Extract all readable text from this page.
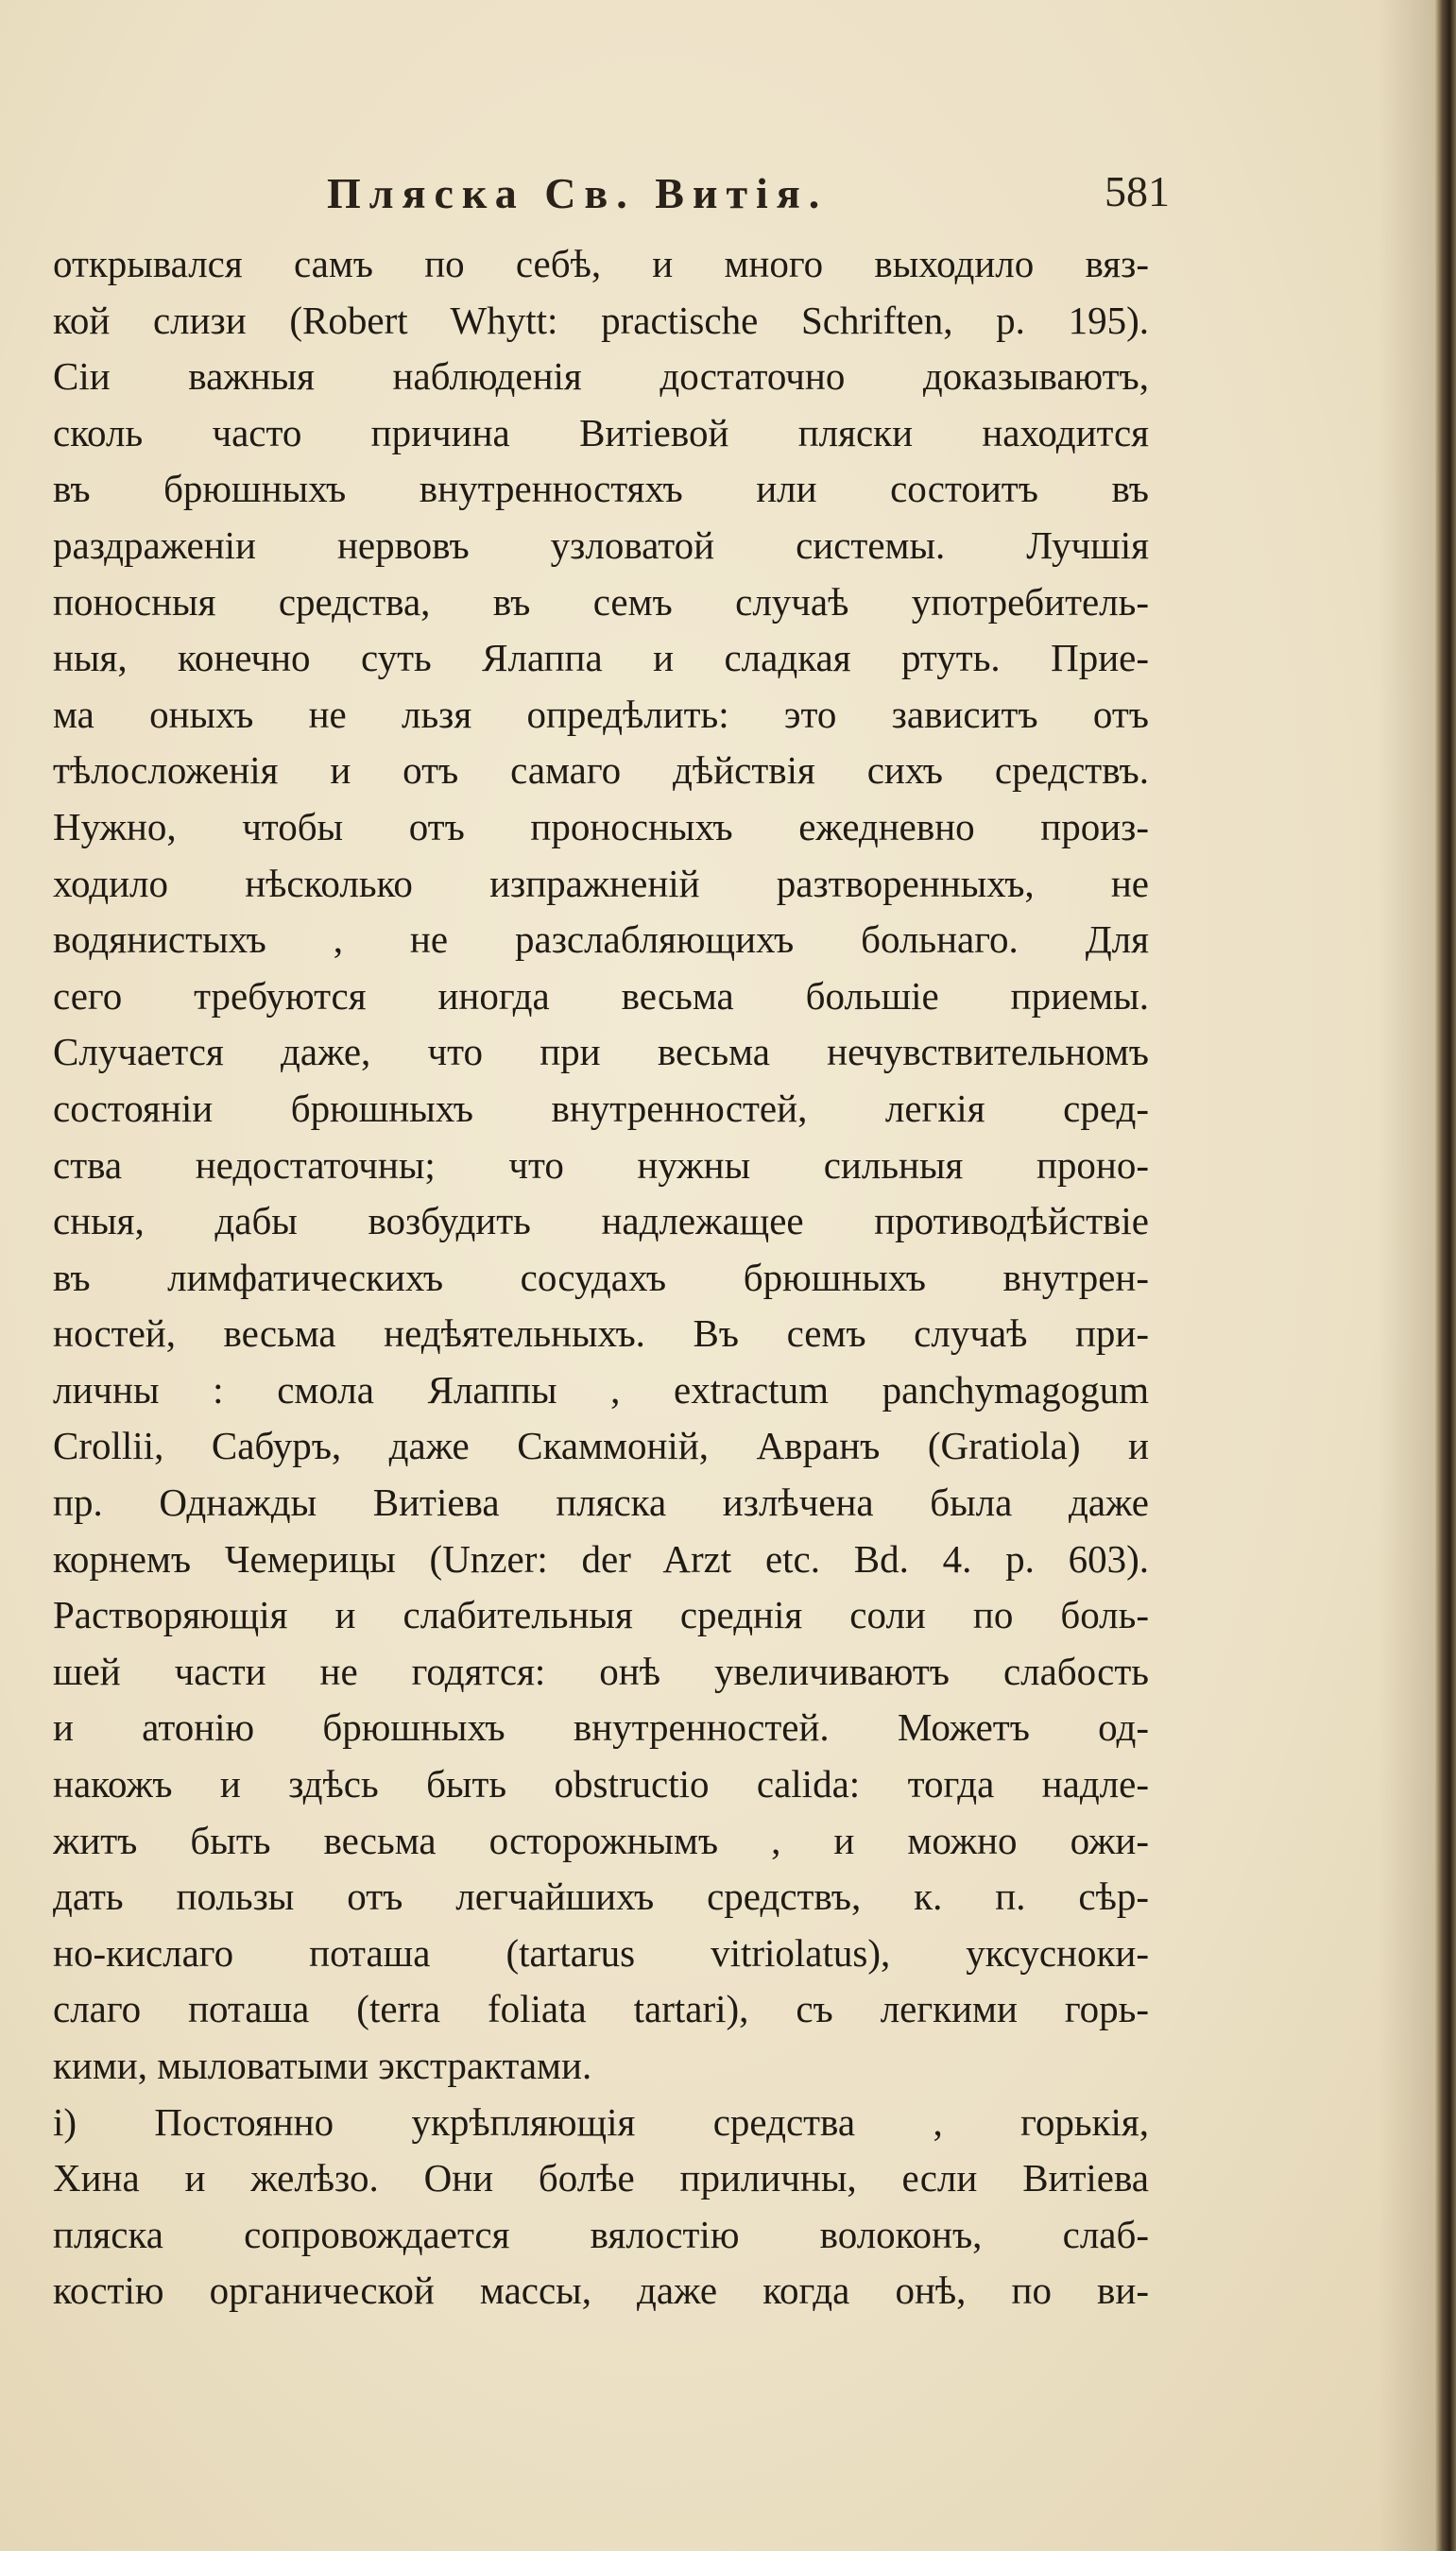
Пляска Св. Витія.	581
открывался самъ по себѣ, и много выходило вяз-
кой слизи (Robert Whytt: practische Schriften, p. 195).
Сіи важныя наблюденія достаточно доказываютъ,
сколь часто причина Витіевой пляски находится
въ брюшныхъ внутренностяхъ или состоитъ въ
раздраженіи нервовъ узловатой системы. Лучшія
поносныя средства, въ семъ случаѣ употребитель-
ныя, конечно суть Ялаппа и сладкая ртуть. Прие-
ма оныхъ не льзя опредѣлить: это зависитъ отъ
тѣлосложенія и отъ самаго дѣйствія сихъ средствъ.
Нужно, чтобы отъ проносныхъ ежедневно произ-
ходило нѣсколько изпражненій разтворенныхъ, не
водянистыхъ , не разслабляющихъ больнаго. Для
сего требуются иногда весьма большіе приемы.
Случается даже, что при весьма нечувствительномъ
состояніи брюшныхъ внутренностей, легкія сред-
ства недостаточны; что нужны сильныя проно-
сныя, дабы возбудить надлежащее противодѣйствіе
въ лимфатическихъ сосудахъ брюшныхъ внутрен-
ностей, весьма недѣятельныхъ. Въ семъ случаѣ при-
личны : смола Ялаппы , extractum panchymagogum
Crollii, Сабуръ, даже Скаммоній, Авранъ (Gratiola) и
пр. Однажды Витіева пляска излѣчена была даже
корнемъ Чемерицы (Unzer: der Arzt etc. Bd. 4. p. 603).
Растворяющія и слабительныя среднія соли по боль-
шей части не годятся: онѣ увеличиваютъ слабость
и атонію брюшныхъ внутренностей. Можетъ од-
накожъ и здѣсь быть obstructio calida: тогда надле-
житъ быть весьма осторожнымъ , и можно ожи-
дать пользы отъ легчайшихъ средствъ, к. п. сѣр-
но-кислаго поташа (tartarus vitriolatus), уксуснoки-
слаго поташа (terra foliata tartari), съ легкими горь-
кими, мыловатыми экстрактами.
і) Постоянно укрѣпляющія средства , горькія,
Хина и желѣзо. Они болѣе приличны, если Витіева
пляска сопровождается вялостію волоконъ, слаб-
костію органической массы, даже когда онѣ, по ви-
